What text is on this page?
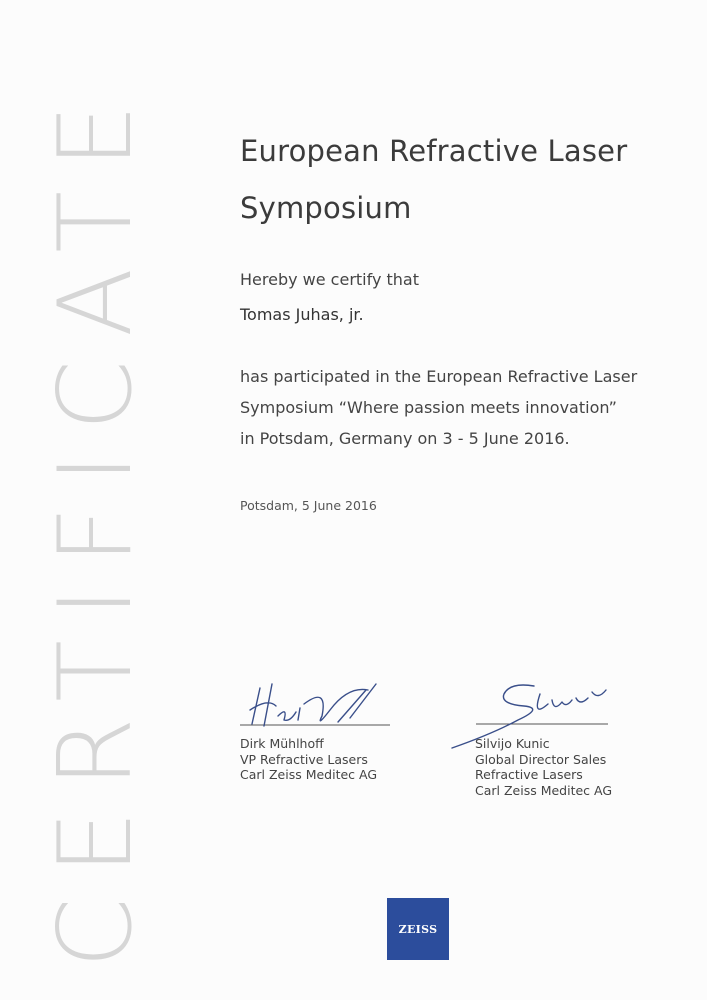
CERTIFICATE	European Refractive Laser
Symposium
Hereby we certify that
Tomas Juhas, jr.
has participated in the European Refractive Laser
Symposium “Where passion meets innovation”
in Potsdam, Germany on 3 - 5 June 2016.
Potsdam, 5 June 2016
Dirk Mühlhoff
VP Refractive Lasers
Carl Zeiss Meditec AG
Silvijo Kunic
Global Director Sales
Refractive Lasers
Carl Zeiss Meditec AG
ZEISS
